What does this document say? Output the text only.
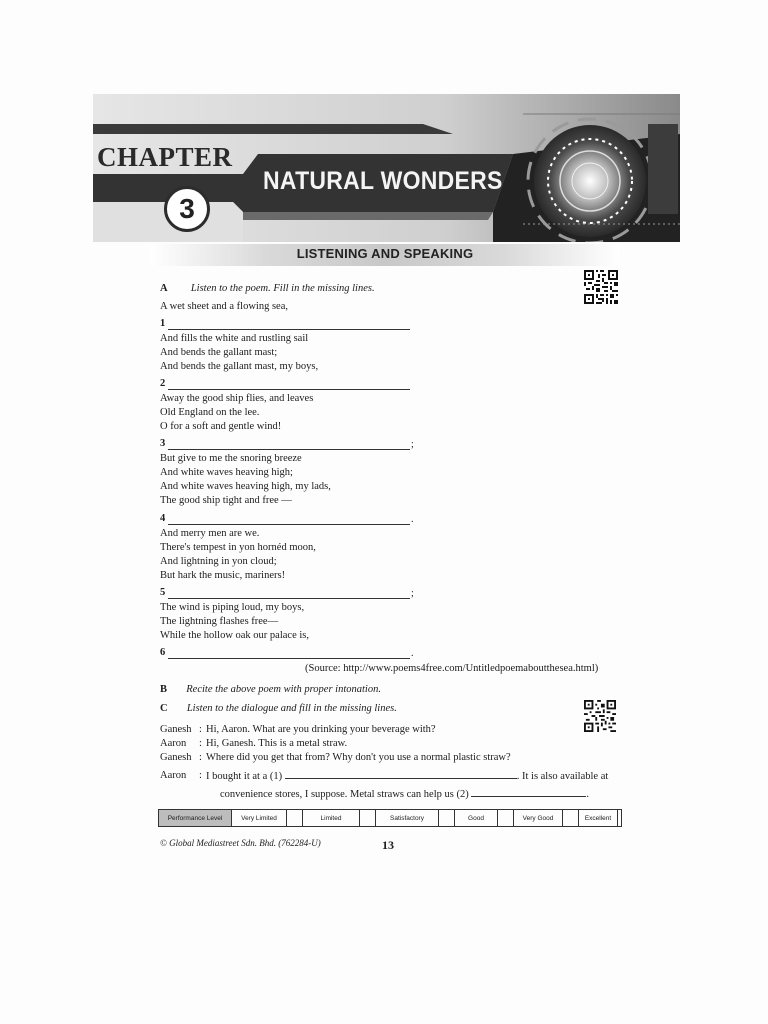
CHAPTER
3
NATURAL WONDERS
LISTENING AND SPEAKING
A Listen to the poem. Fill in the missing lines.
A wet sheet and a flowing sea,
1
And fills the white and rustling sail
And bends the gallant mast;
And bends the gallant mast, my boys,
2
Away the good ship flies, and leaves
Old England on the lee.
O for a soft and gentle wind!
3	;
But give to me the snoring breeze
And white waves heaving high;
And white waves heaving high, my lads,
The good ship tight and free —
4	.
And merry men are we.
There's tempest in yon hornéd moon,
And lightning in yon cloud;
But hark the music, mariners!
5	;
The wind is piping loud, my boys,
The lightning flashes free—
While the hollow oak our palace is,
6	.
(Source: http://www.poems4free.com/Untitledpoemaboutthesea.html)
B Recite the above poem with proper intonation.
C Listen to the dialogue and fill in the missing lines.
Ganesh : Hi, Aaron. What are you drinking your beverage with?
Aaron	: Hi, Ganesh. This is a metal straw.
Ganesh : Where did you get that from? Why don't you use a normal plastic straw?
Aaron	: I bought it at a (1)	. It is also available at
convenience stores, I suppose. Metal straws can help us (2)	.
Performance Level	Very Limited	Limited	Satisfactory	Good	Very Good	Excellent
© Global Mediastreet Sdn. Bhd. (762284-U)	13
